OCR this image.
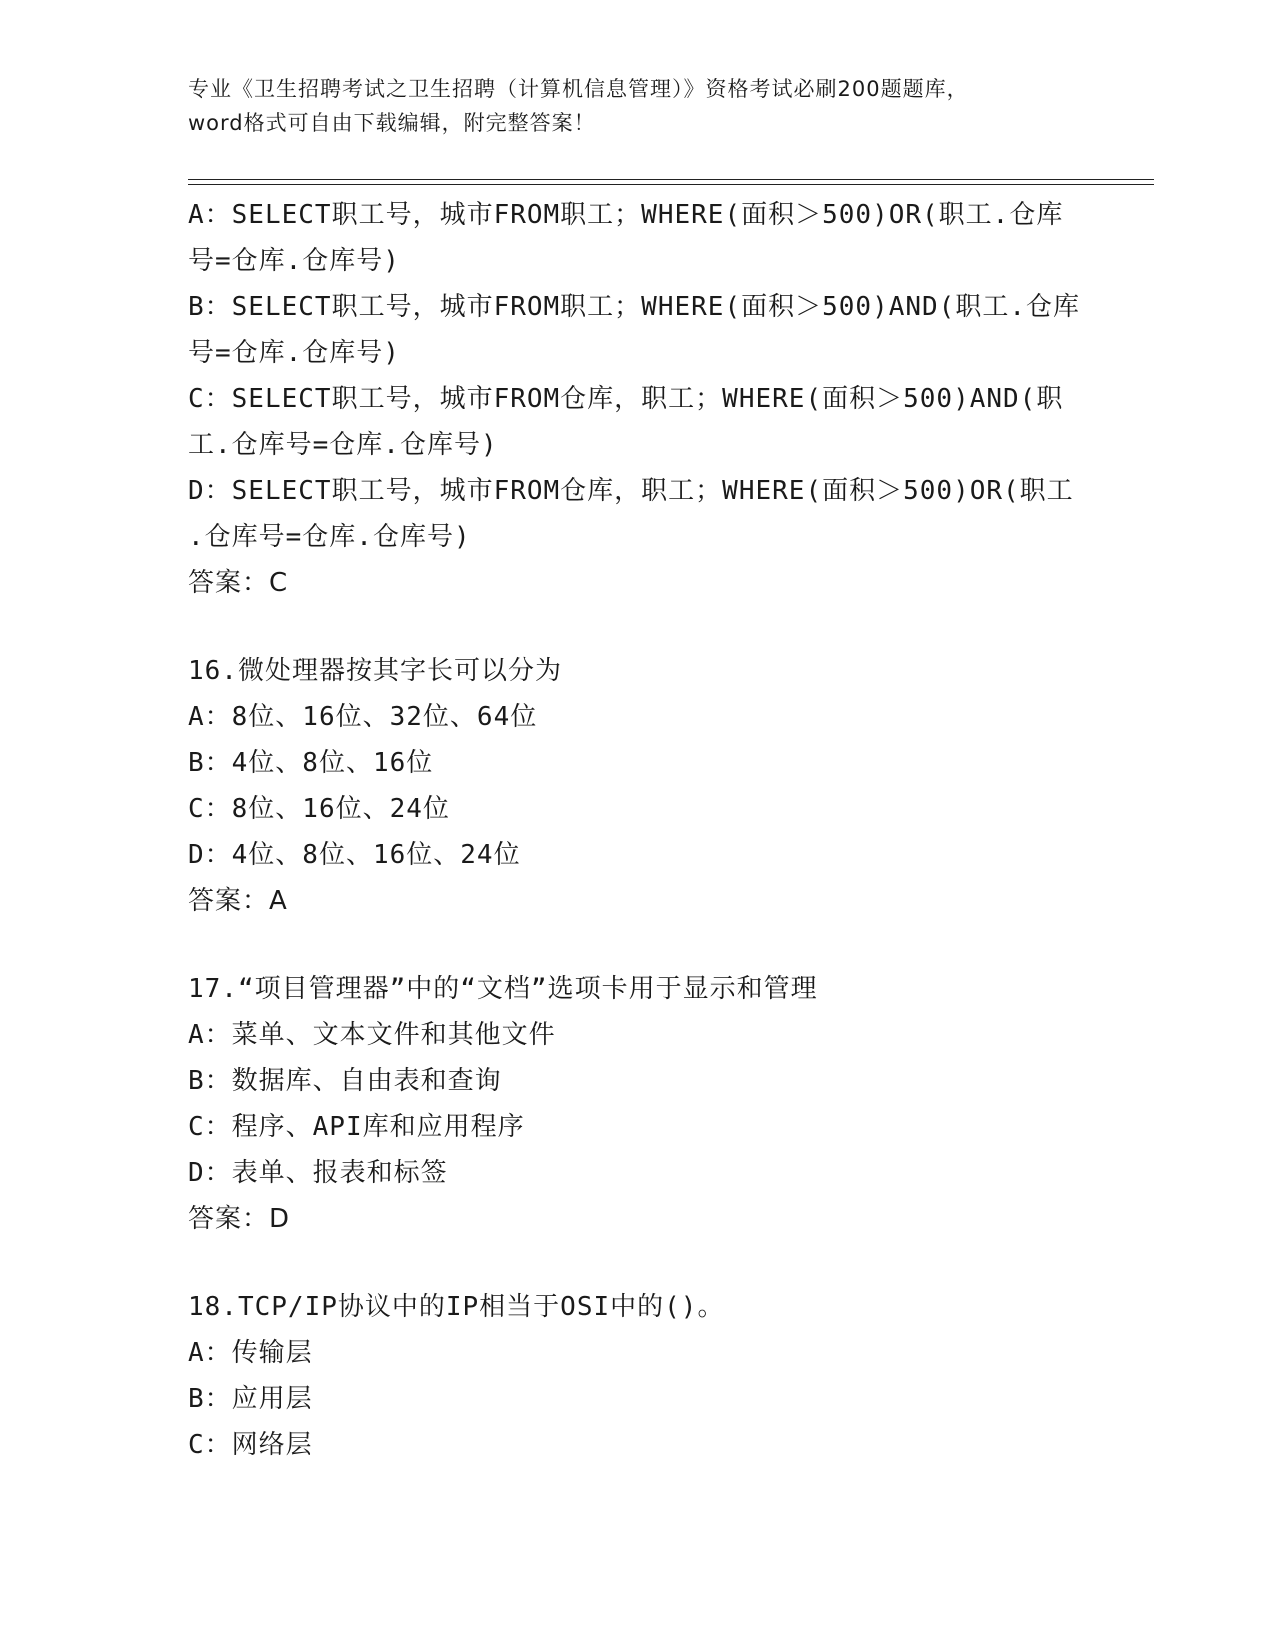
专业《卫生招聘考试之卫生招聘（计算机信息管理）》资格考试必刷200题题库，
word格式可自由下载编辑，附完整答案！
A：SELECT职工号，城市FROM职工；WHERE(面积＞500)OR(职工.仓库
号=仓库.仓库号)
B：SELECT职工号，城市FROM职工；WHERE(面积＞500)AND(职工.仓库
号=仓库.仓库号)
C：SELECT职工号，城市FROM仓库，职工；WHERE(面积＞500)AND(职
工.仓库号=仓库.仓库号)
D：SELECT职工号，城市FROM仓库，职工；WHERE(面积＞500)OR(职工
.仓库号=仓库.仓库号)
答案：C
16.微处理器按其字长可以分为
A：8位、16位、32位、64位
B：4位、8位、16位
C：8位、16位、24位
D：4位、8位、16位、24位
答案：A
17.“项目管理器”中的“文档”选项卡用于显示和管理
A：菜单、文本文件和其他文件
B：数据库、自由表和查询
C：程序、API库和应用程序
D：表单、报表和标签
答案：D
18.TCP/IP协议中的IP相当于OSI中的()。
A：传输层
B：应用层
C：网络层
